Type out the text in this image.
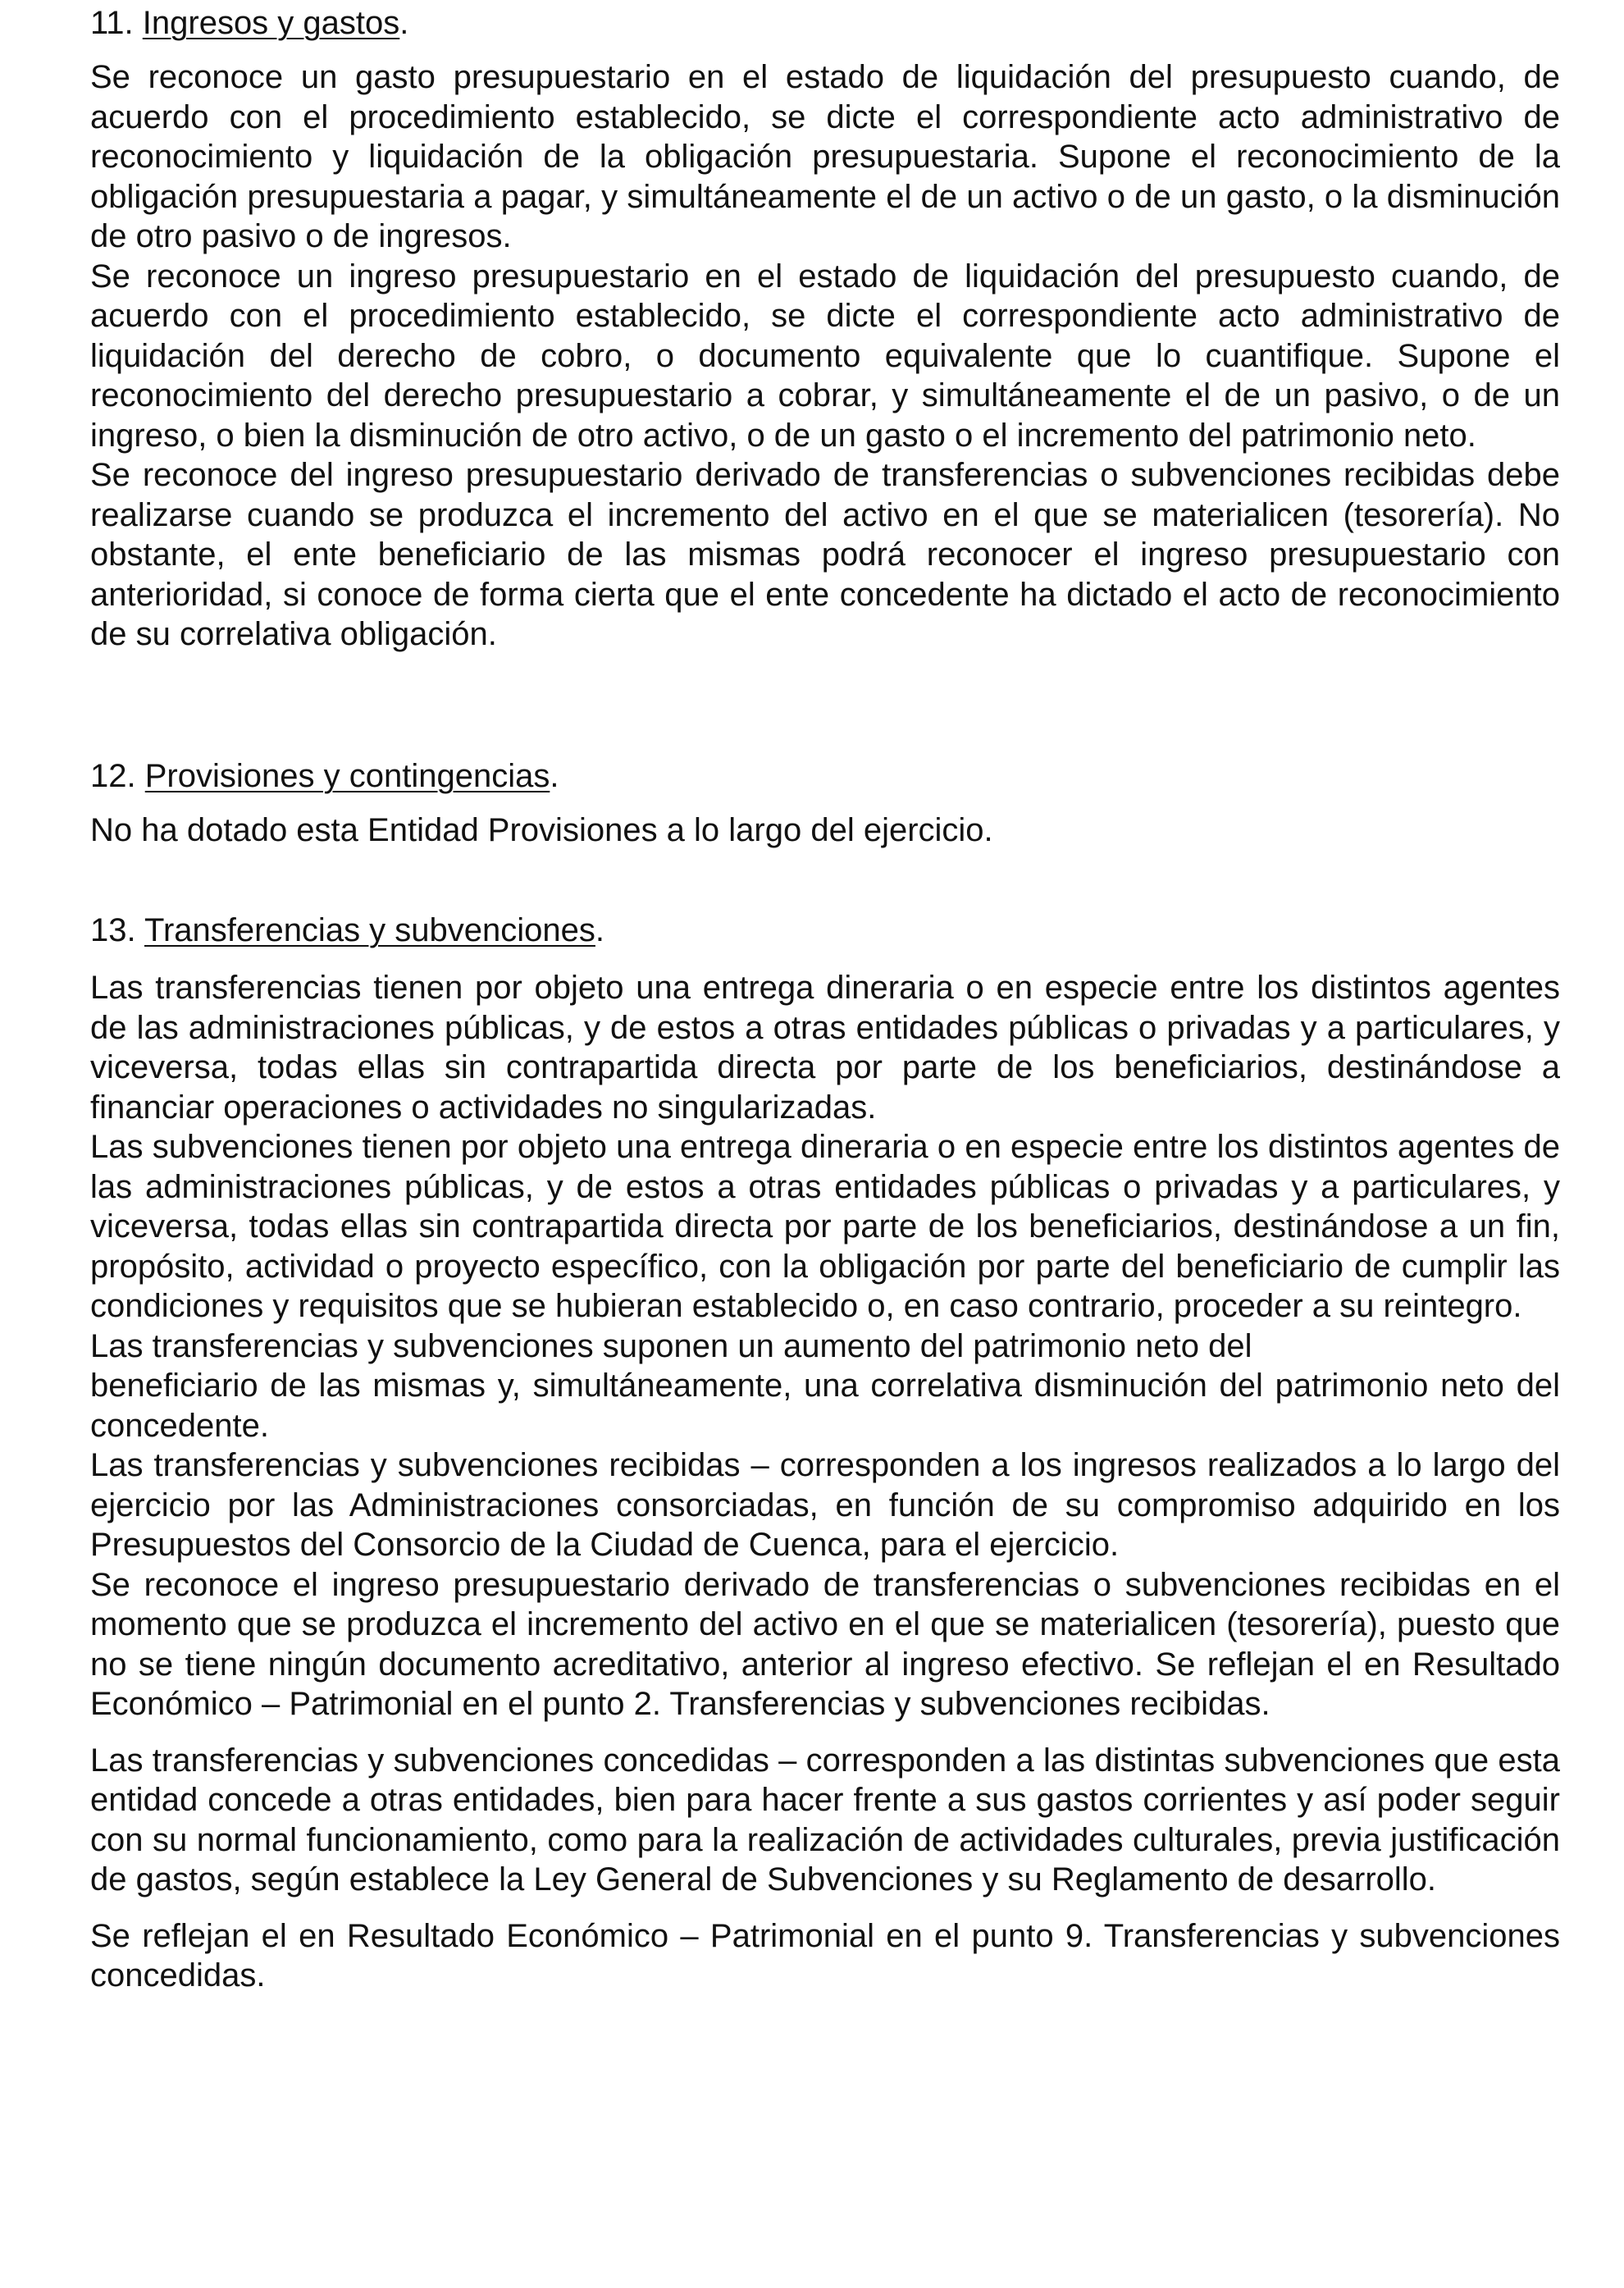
11. Ingresos y gastos.

Se reconoce un gasto presupuestario en el estado de liquidación del presupuesto cuando, de acuerdo con el procedimiento establecido, se dicte el correspondiente acto administrativo de reconocimiento y liquidación de la obligación presupuestaria. Supone el reconocimiento de la obligación presupuestaria a pagar, y simultáneamente el de un activo o de un gasto, o la disminución de otro pasivo o de ingresos.

Se reconoce un ingreso presupuestario en el estado de liquidación del presupuesto cuando, de acuerdo con el procedimiento establecido, se dicte el correspondiente acto administrativo de liquidación del derecho de cobro, o documento equivalente que lo cuantifique. Supone el reconocimiento del derecho presupuestario a cobrar, y simultáneamente el de un pasivo, o de un ingreso, o bien la disminución de otro activo, o de un gasto o el incremento del patrimonio neto.

Se reconoce del ingreso presupuestario derivado de transferencias o subvenciones recibidas debe realizarse cuando se produzca el incremento del activo en el que se materialicen (tesorería). No obstante, el ente beneficiario de las mismas podrá reconocer el ingreso presupuestario con anterioridad, si conoce de forma cierta que el ente concedente ha dictado el acto de reconocimiento de su correlativa obligación.

12. Provisiones y contingencias.

No ha dotado esta Entidad Provisiones a lo largo del ejercicio.

13. Transferencias y subvenciones.

Las transferencias tienen por objeto una entrega dineraria o en especie entre los distintos agentes de las administraciones públicas, y de estos a otras entidades públicas o privadas y a particulares, y viceversa, todas ellas sin contrapartida directa por parte de los beneficiarios, destinándose a financiar operaciones o actividades no singularizadas.

Las subvenciones tienen por objeto una entrega dineraria o en especie entre los distintos agentes de las administraciones públicas, y de estos a otras entidades públicas o privadas y a particulares, y viceversa, todas ellas sin contrapartida directa por parte de los beneficiarios, destinándose a un fin, propósito, actividad o proyecto específico, con la obligación por parte del beneficiario de cumplir las condiciones y requisitos que se hubieran establecido o, en caso contrario, proceder a su reintegro.

Las transferencias y subvenciones suponen un aumento del patrimonio neto del

beneficiario de las mismas y, simultáneamente, una correlativa disminución del patrimonio neto del concedente.

Las transferencias y subvenciones recibidas – corresponden a los ingresos realizados a lo largo del ejercicio por las Administraciones consorciadas, en función de su compromiso adquirido en los Presupuestos del Consorcio de la Ciudad de Cuenca, para el ejercicio.

Se reconoce el ingreso presupuestario derivado de transferencias o subvenciones recibidas en el momento que se produzca el incremento del activo en el que se materialicen (tesorería), puesto que no se tiene ningún documento acreditativo, anterior al ingreso efectivo. Se reflejan el en Resultado Económico – Patrimonial en el punto 2. Transferencias y subvenciones recibidas.

Las transferencias y subvenciones concedidas – corresponden a las distintas subvenciones que esta entidad concede a otras entidades, bien para hacer frente a sus gastos corrientes y así poder seguir con su normal funcionamiento, como para la realización de actividades culturales, previa justificación de gastos, según establece la Ley General de Subvenciones y su Reglamento de desarrollo.

Se reflejan el en Resultado Económico – Patrimonial en el punto 9. Transferencias y subvenciones concedidas.
